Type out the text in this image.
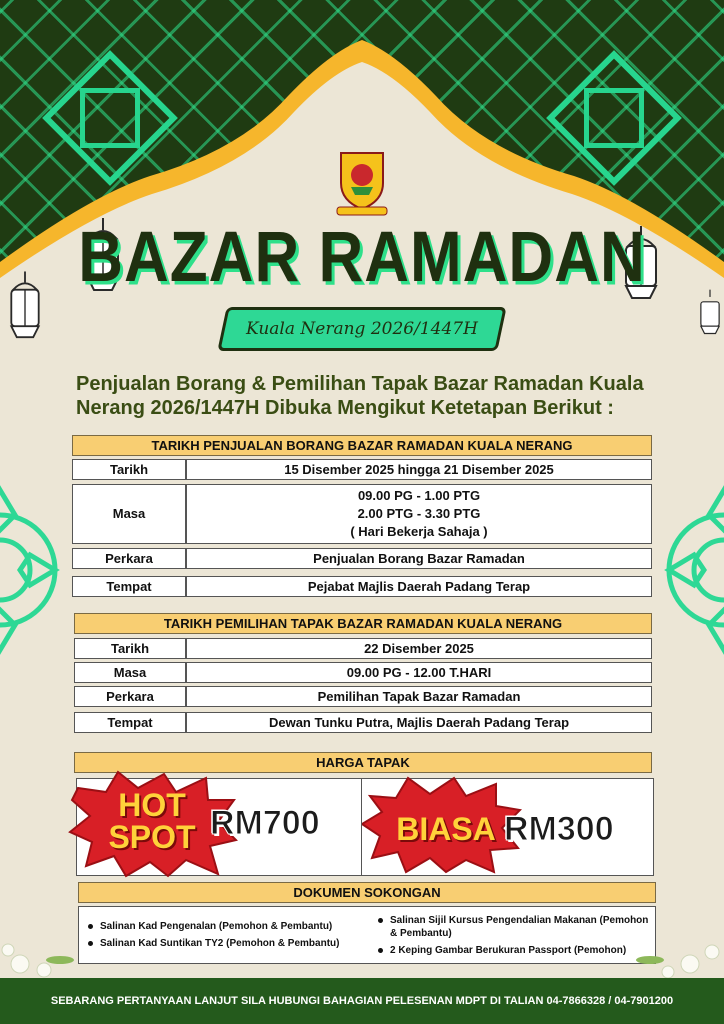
BAZAR RAMADAN
Kuala Nerang 2026/1447H
Penjualan Borang & Pemilihan Tapak Bazar Ramadan Kuala Nerang 2026/1447H Dibuka Mengikut Ketetapan Berikut :
TARIKH PENJUALAN BORANG BAZAR RAMADAN KUALA NERANG
Tarikh	15 Disember 2025 hingga 21 Disember 2025
Masa
09.00 PG - 1.00 PTG
2.00 PTG - 3.30 PTG
( Hari Bekerja Sahaja )
Perkara	Penjualan Borang Bazar Ramadan
Tempat	Pejabat Majlis Daerah Padang Terap
TARIKH PEMILIHAN TAPAK BAZAR RAMADAN KUALA NERANG
Tarikh	22 Disember 2025
Masa	09.00 PG - 12.00 T.HARI
Perkara	Pemilihan Tapak Bazar Ramadan
Tempat	Dewan Tunku Putra, Majlis Daerah Padang Terap
HARGA TAPAK
HOT
SPOT RM700	BIASA RM300
DOKUMEN SOKONGAN
Salinan Kad Pengenalan (Pemohon & Pembantu)
Salinan Kad Suntikan TY2 (Pemohon & Pembantu)
Salinan Sijil Kursus Pengendalian Makanan (Pemohon & Pembantu)
2 Keping Gambar Berukuran Passport (Pemohon)
SEBARANG PERTANYAAN LANJUT SILA HUBUNGI BAHAGIAN PELESENAN MDPT DI TALIAN 04-7866328 / 04-7901200
